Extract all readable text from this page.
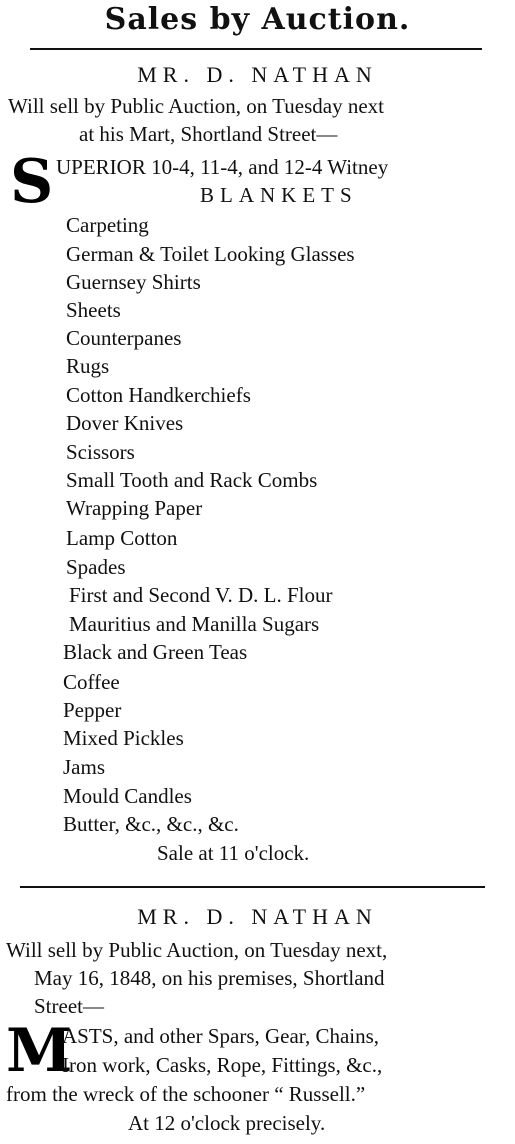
Sales by Auction.
MR. D. NATHAN
Will sell by Public Auction, on Tuesday next
at his Mart, Shortland Street—
S UPERIOR 10-4, 11-4, and 12-4 Witney
BLANKETS
Carpeting
German & Toilet Looking Glasses
Guernsey Shirts
Sheets
Counterpanes
Rugs
Cotton Handkerchiefs
Dover Knives
Scissors
Small Tooth and Rack Combs
Wrapping Paper
Lamp Cotton
Spades
First and Second V. D. L. Flour
Mauritius and Manilla Sugars
Black and Green Teas
Coffee
Pepper
Mixed Pickles
Jams
Mould Candles
Butter, &c., &c., &c.
Sale at 11 o'clock.
MR. D. NATHAN
Will sell by Public Auction, on Tuesday next,
May 16, 1848, on his premises, Shortland
Street—
M
ASTS, and other Spars, Gear, Chains,
Iron work, Casks, Rope, Fittings, &c.,
from the wreck of the schooner “ Russell.”
At 12 o'clock precisely.
